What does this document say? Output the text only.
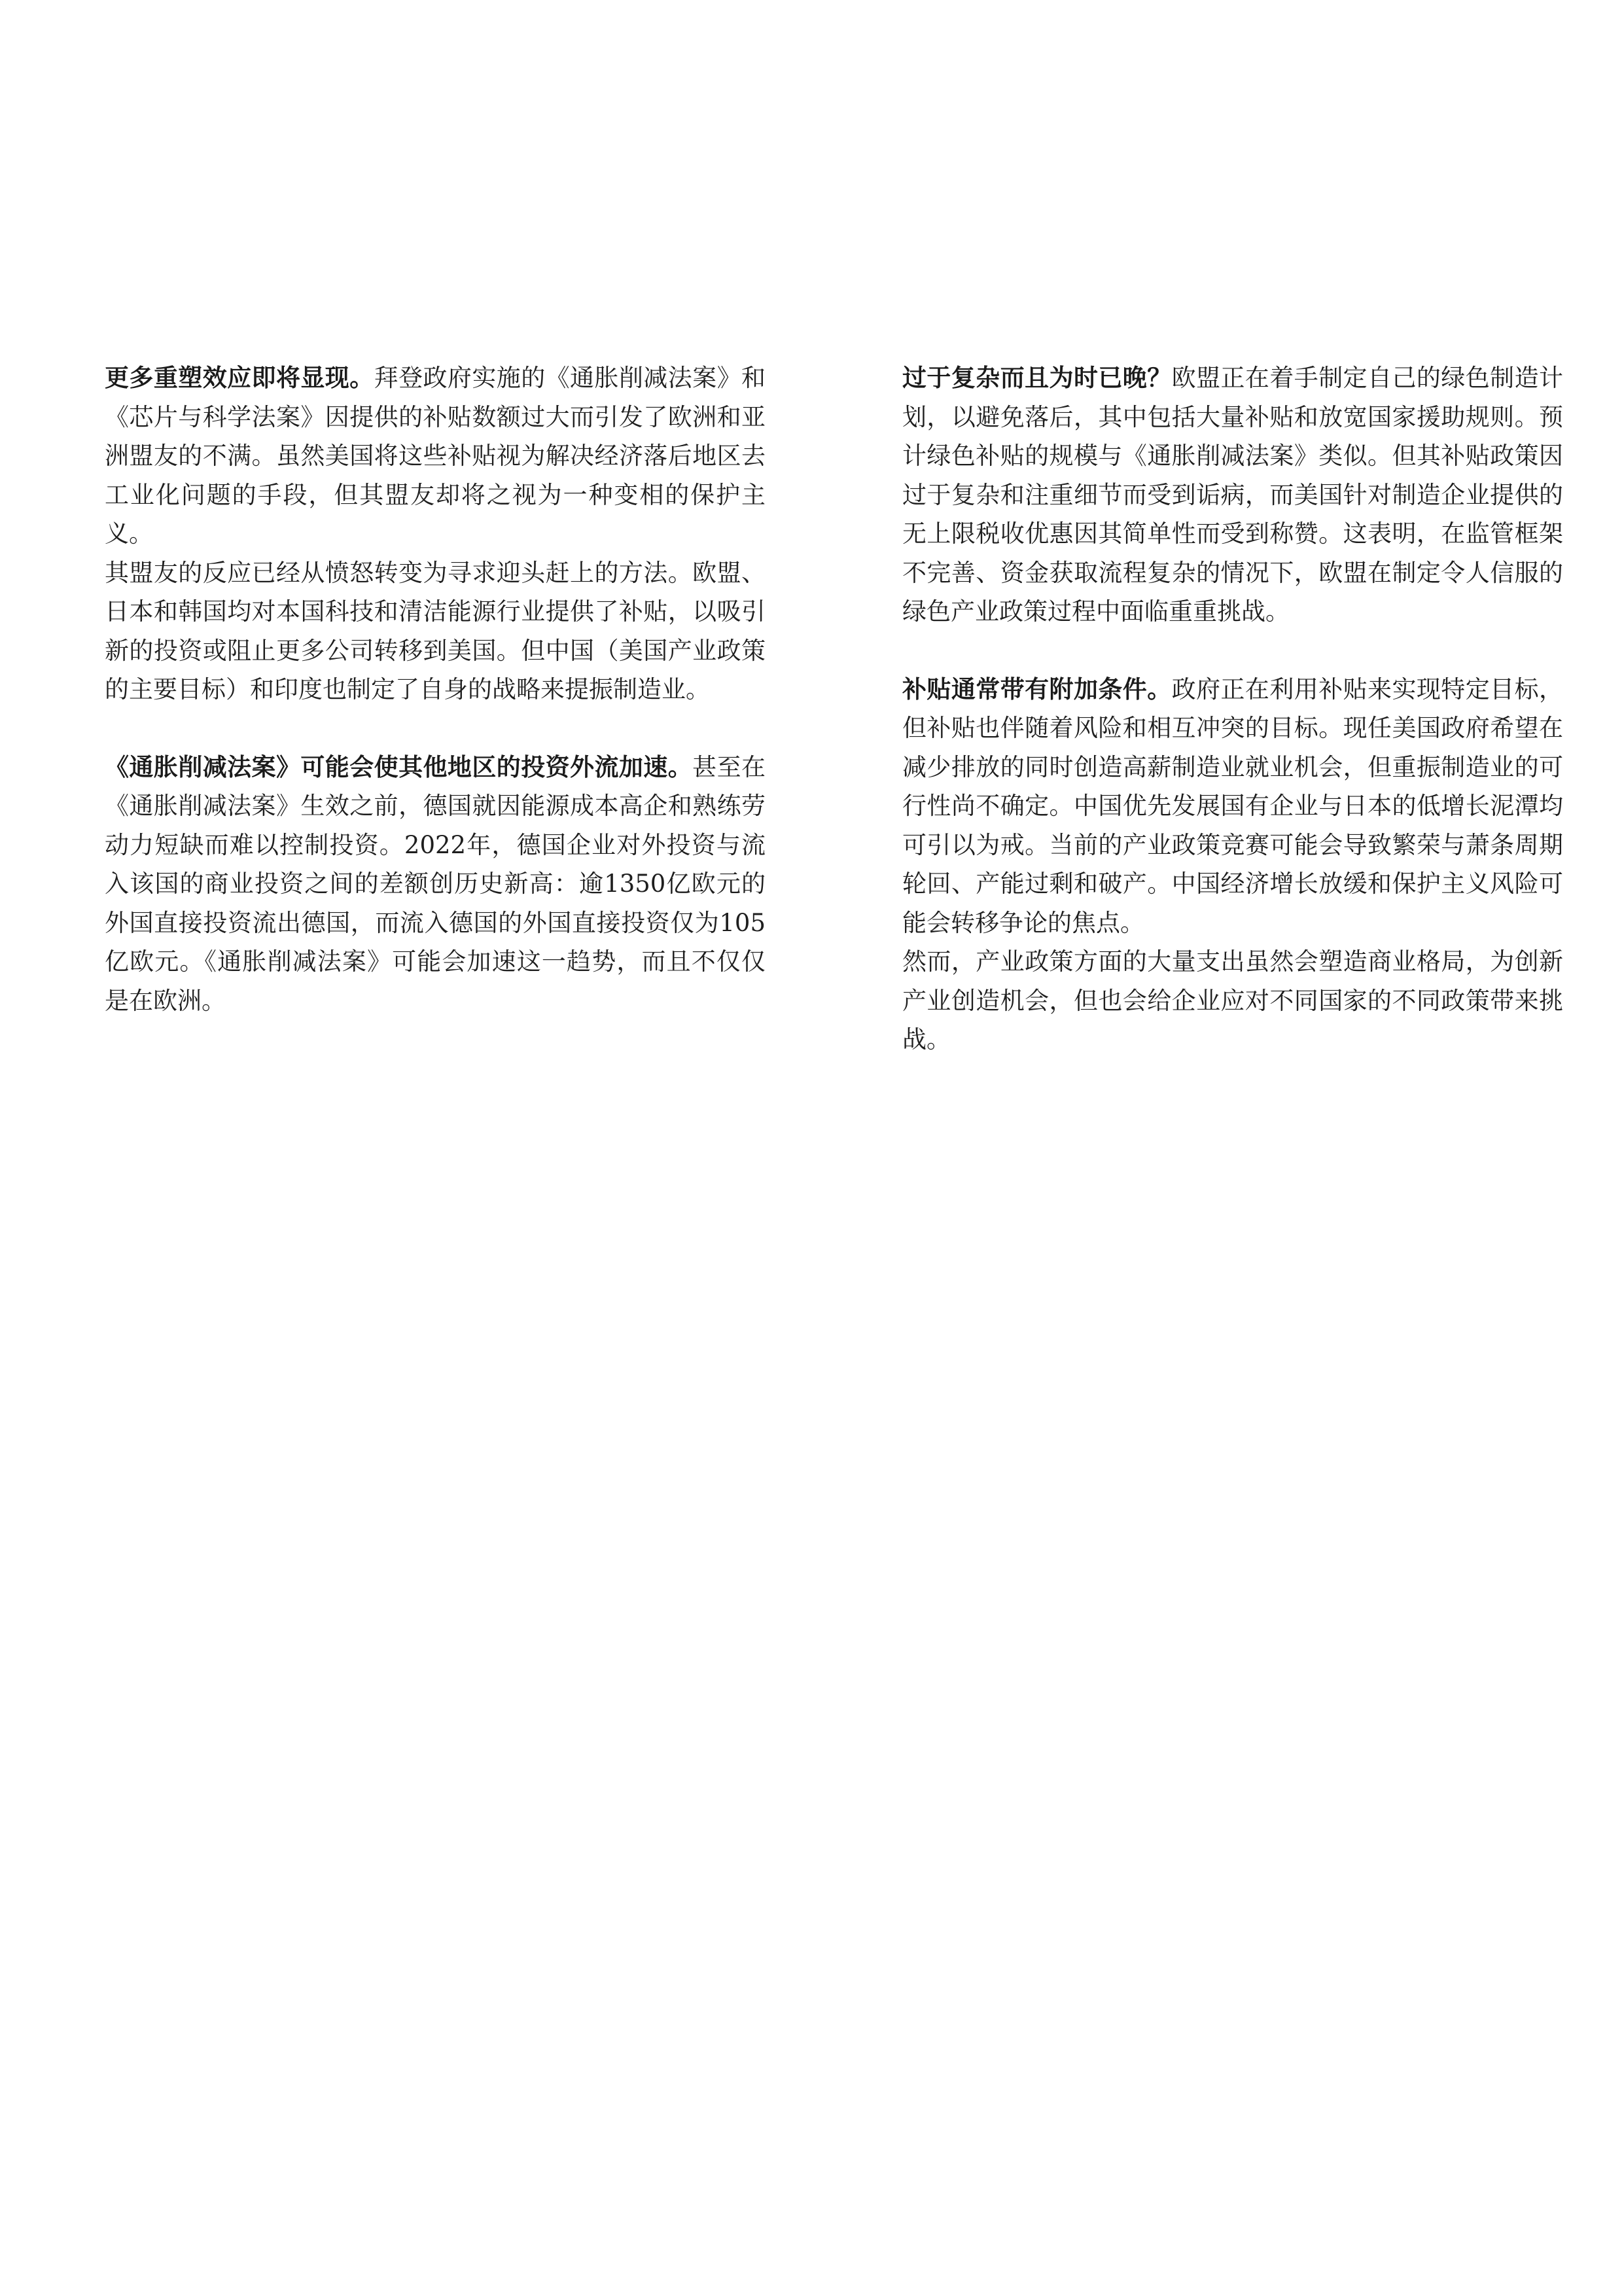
更多重塑效应即将显现。拜登政府实施的《通胀削减法案》和《芯片与科学法案》因提供的补贴数额过大而引发了欧洲和亚洲盟友的不满。虽然美国将这些补贴视为解决经济落后地区去工业化问题的手段，但其盟友却将之视为一种变相的保护主义。

其盟友的反应已经从愤怒转变为寻求迎头赶上的方法。欧盟、日本和韩国均对本国科技和清洁能源行业提供了补贴，以吸引新的投资或阻止更多公司转移到美国。但中国（美国产业政策的主要目标）和印度也制定了自身的战略来提振制造业。

《通胀削减法案》可能会使其他地区的投资外流加速。甚至在《通胀削减法案》生效之前，德国就因能源成本高企和熟练劳动力短缺而难以控制投资。2022年，德国企业对外投资与流入该国的商业投资之间的差额创历史新高：逾1350亿欧元的外国直接投资流出德国，而流入德国的外国直接投资仅为105亿欧元。《通胀削减法案》可能会加速这一趋势，而且不仅仅是在欧洲。

过于复杂而且为时已晚？欧盟正在着手制定自己的绿色制造计划，以避免落后，其中包括大量补贴和放宽国家援助规则。预计绿色补贴的规模与《通胀削减法案》类似。但其补贴政策因过于复杂和注重细节而受到诟病，而美国针对制造企业提供的无上限税收优惠因其简单性而受到称赞。这表明，在监管框架不完善、资金获取流程复杂的情况下，欧盟在制定令人信服的绿色产业政策过程中面临重重挑战。

补贴通常带有附加条件。政府正在利用补贴来实现特定目标，但补贴也伴随着风险和相互冲突的目标。现任美国政府希望在减少排放的同时创造高薪制造业就业机会，但重振制造业的可行性尚不确定。中国优先发展国有企业与日本的低增长泥潭均可引以为戒。当前的产业政策竞赛可能会导致繁荣与萧条周期轮回、产能过剩和破产。中国经济增长放缓和保护主义风险可能会转移争论的焦点。

然而，产业政策方面的大量支出虽然会塑造商业格局，为创新产业创造机会，但也会给企业应对不同国家的不同政策带来挑战。
